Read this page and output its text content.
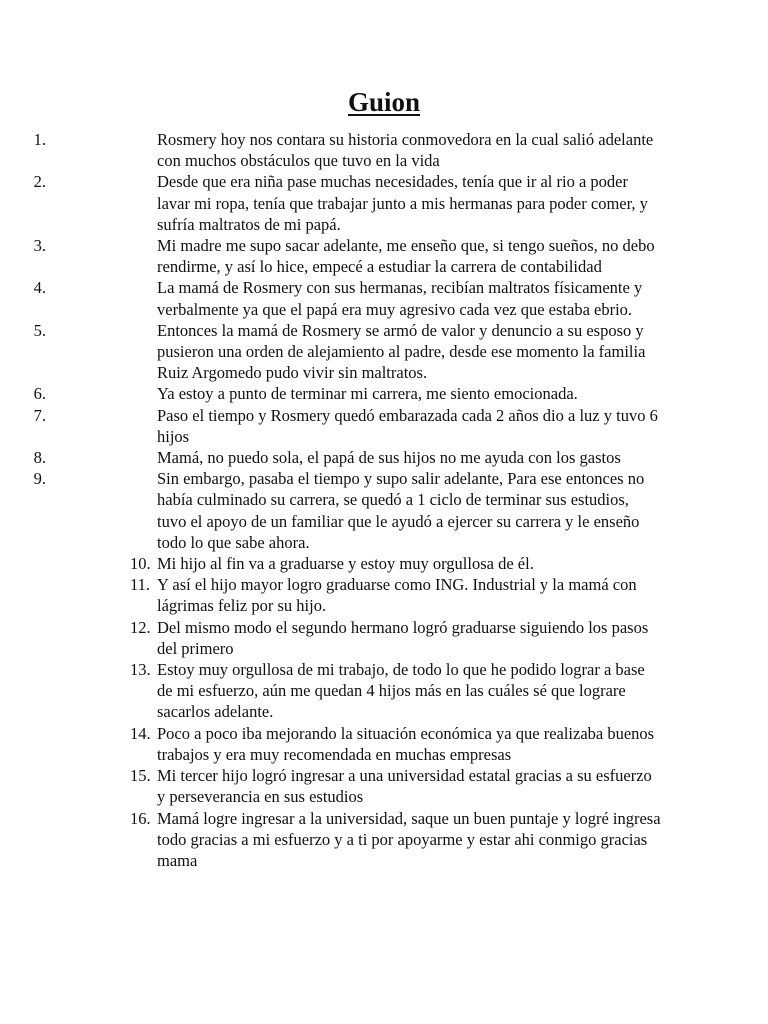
Guion
1.	Rosmery hoy nos contara su historia conmovedora en la cual salió adelante con muchos obstáculos que tuvo en la vida
2.	Desde que era niña pase muchas necesidades, tenía que ir al rio a poder lavar mi ropa, tenía que trabajar junto a mis hermanas para poder comer, y sufría maltratos de mi papá.
3.	Mi madre me supo sacar adelante, me enseño que, si tengo sueños, no debo rendirme, y así lo hice, empecé a estudiar la carrera de contabilidad
4.	La mamá de Rosmery con sus hermanas, recibían maltratos físicamente y verbalmente ya que el papá era muy agresivo cada vez que estaba ebrio.
5.	Entonces la mamá de Rosmery se armó de valor y denuncio a su esposo y pusieron una orden de alejamiento al padre, desde ese momento la familia Ruiz Argomedo pudo vivir sin maltratos.
6.	Ya estoy a punto de terminar mi carrera, me siento emocionada.
7.	Paso el tiempo y Rosmery quedó embarazada cada 2 años dio a luz y tuvo 6 hijos
8.	Mamá, no puedo sola, el papá de sus hijos no me ayuda con los gastos
9.	Sin embargo, pasaba el tiempo y supo salir adelante, Para ese entonces no había culminado su carrera, se quedó a 1 ciclo de terminar sus estudios, tuvo el apoyo de un familiar que le ayudó a ejercer su carrera y le enseño todo lo que sabe ahora.
10. Mi hijo al fin va a graduarse y estoy muy orgullosa de él.
11. Y así el hijo mayor logro graduarse como ING. Industrial y la mamá con lágrimas feliz por su hijo.
12. Del mismo modo el segundo hermano logró graduarse siguiendo los pasos del primero
13. Estoy muy orgullosa de mi trabajo, de todo lo que he podido lograr a base de mi esfuerzo, aún me quedan 4 hijos más en las cuáles sé que lograre sacarlos adelante.
14. Poco a poco iba mejorando la situación económica ya que realizaba buenos trabajos y era muy recomendada en muchas empresas
15. Mi tercer hijo logró ingresar a una universidad estatal gracias a su esfuerzo y perseverancia en sus estudios
16. Mamá logre ingresar a la universidad, saque un buen puntaje y logré ingresa todo gracias a mi esfuerzo y a ti por apoyarme y estar ahi conmigo gracias mama
